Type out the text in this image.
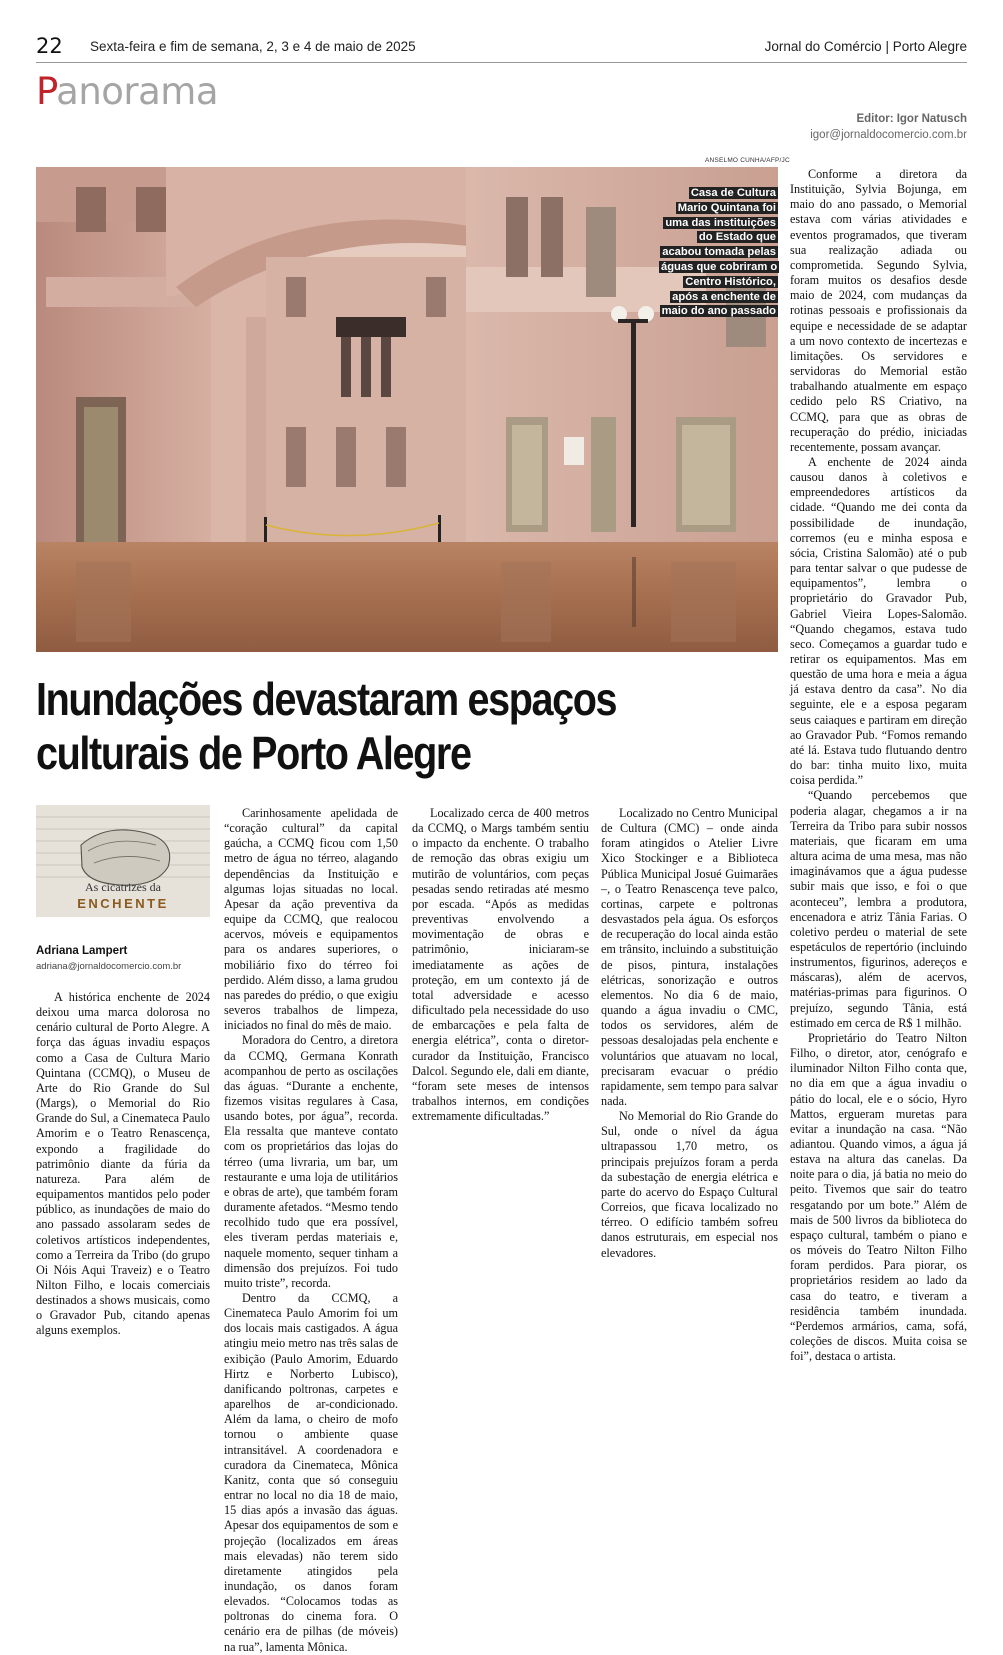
22 Sexta-feira e fim de semana, 2, 3 e 4 de maio de 2025	Jornal do Comércio | Porto Alegre
Panorama
Editor: Igor Natusch
igor@jornaldocomercio.com.br
ANSELMO CUNHA/AFP/JC
Casa de Cultura Mario Quintana foi uma das instituições do Estado que acabou tomada pelas águas que cobriram o Centro Histórico, após a enchente de maio do ano passado
Inundações devastaram espaços culturais de Porto Alegre
As cicatrizes da
ENCHENTE
Adriana Lampert
adriana@jornaldocomercio.com.br

A histórica enchente de 2024 deixou uma marca dolorosa no cenário cultural de Porto Alegre. A força das águas invadiu espaços como a Casa de Cultura Mario Quintana (CCMQ), o Museu de Arte do Rio Grande do Sul (Margs), o Memorial do Rio Grande do Sul, a Cinemateca Paulo Amorim e o Teatro Renascença, expondo a fragilidade do patrimônio diante da fúria da natureza. Para além de equipamentos mantidos pelo poder público, as inundações de maio do ano passado assolaram sedes de coletivos artísticos independentes, como a Terreira da Tribo (do grupo Oi Nóis Aqui Traveiz) e o Teatro Nilton Filho, e locais comerciais destinados a shows musicais, como o Gravador Pub, citando apenas alguns exemplos.

Carinhosamente apelidada de “coração cultural” da capital gaúcha, a CCMQ ficou com 1,50 metro de água no térreo, alagando dependências da Instituição e algumas lojas situadas no local. Apesar da ação preventiva da equipe da CCMQ, que realocou acervos, móveis e equipamentos para os andares superiores, o mobiliário fixo do térreo foi perdido. Além disso, a lama grudou nas paredes do prédio, o que exigiu severos trabalhos de limpeza, iniciados no final do mês de maio.

Moradora do Centro, a diretora da CCMQ, Germana Konrath acompanhou de perto as oscilações das águas. “Durante a enchente, fizemos visitas regulares à Casa, usando botes, por água”, recorda. Ela ressalta que manteve contato com os proprietários das lojas do térreo (uma livraria, um bar, um restaurante e uma loja de utilitários e obras de arte), que também foram duramente afetados. “Mesmo tendo recolhido tudo que era possível, eles tiveram perdas materiais e, naquele momento, sequer tinham a dimensão dos prejuízos. Foi tudo muito triste”, recorda.

Dentro da CCMQ, a Cinemateca Paulo Amorim foi um dos locais mais castigados. A água atingiu meio metro nas três salas de exibição (Paulo Amorim, Eduardo Hirtz e Norberto Lubisco), danificando poltronas, carpetes e aparelhos de ar-condicionado. Além da lama, o cheiro de mofo tornou o ambiente quase intransitável. A coordenadora e curadora da Cinemateca, Mônica Kanitz, conta que só conseguiu entrar no local no dia 18 de maio, 15 dias após a invasão das águas. Apesar dos equipamentos de som e projeção (localizados em áreas mais elevadas) não terem sido diretamente atingidos pela inundação, os danos foram elevados. “Colocamos todas as poltronas do cinema fora. O cenário era de pilhas (de móveis) na rua”, lamenta Mônica.

Localizado cerca de 400 metros da CCMQ, o Margs também sentiu o impacto da enchente. O trabalho de remoção das obras exigiu um mutirão de voluntários, com peças pesadas sendo retiradas até mesmo por escada. “Após as medidas preventivas envolvendo a movimentação de obras e patrimônio, iniciaram-se imediatamente as ações de proteção, em um contexto já de total adversidade e acesso dificultado pela necessidade do uso de embarcações e pela falta de energia elétrica”, conta o diretor-curador da Instituição, Francisco Dalcol. Segundo ele, dali em diante, “foram sete meses de intensos trabalhos internos, em condições extremamente dificultadas.”

Localizado no Centro Municipal de Cultura (CMC) – onde ainda foram atingidos o Atelier Livre Xico Stockinger e a Biblioteca Pública Municipal Josué Guimarães –, o Teatro Renascença teve palco, cortinas, carpete e poltronas desvastados pela água. Os esforços de recuperação do local ainda estão em trânsito, incluindo a substituição de pisos, pintura, instalações elétricas, sonorização e outros elementos. No dia 6 de maio, quando a água invadiu o CMC, todos os servidores, além de pessoas desalojadas pela enchente e voluntários que atuavam no local, precisaram evacuar o prédio rapidamente, sem tempo para salvar nada.

No Memorial do Rio Grande do Sul, onde o nível da água ultrapassou 1,70 metro, os principais prejuízos foram a perda da subestação de energia elétrica e parte do acervo do Espaço Cultural Correios, que ficava localizado no térreo. O edifício também sofreu danos estruturais, em especial nos elevadores.

Conforme a diretora da Instituição, Sylvia Bojunga, em maio do ano passado, o Memorial estava com várias atividades e eventos programados, que tiveram sua realização adiada ou comprometida. Segundo Sylvia, foram muitos os desafios desde maio de 2024, com mudanças da rotinas pessoais e profissionais da equipe e necessidade de se adaptar a um novo contexto de incertezas e limitações. Os servidores e servidoras do Memorial estão trabalhando atualmente em espaço cedido pelo RS Criativo, na CCMQ, para que as obras de recuperação do prédio, iniciadas recentemente, possam avançar.

A enchente de 2024 ainda causou danos à coletivos e empreendedores artísticos da cidade. “Quando me dei conta da possibilidade de inundação, corremos (eu e minha esposa e sócia, Cristina Salomão) até o pub para tentar salvar o que pudesse de equipamentos”, lembra o proprietário do Gravador Pub, Gabriel Vieira Lopes-Salomão. “Quando chegamos, estava tudo seco. Começamos a guardar tudo e retirar os equipamentos. Mas em questão de uma hora e meia a água já estava dentro da casa”. No dia seguinte, ele e a esposa pegaram seus caiaques e partiram em direção ao Gravador Pub. “Fomos remando até lá. Estava tudo flutuando dentro do bar: tinha muito lixo, muita coisa perdida.”

“Quando percebemos que poderia alagar, chegamos a ir na Terreira da Tribo para subir nossos materiais, que ficaram em uma altura acima de uma mesa, mas não imaginávamos que a água pudesse subir mais que isso, e foi o que aconteceu”, lembra a produtora, encenadora e atriz Tânia Farias. O coletivo perdeu o material de sete espetáculos de repertório (incluindo instrumentos, figurinos, adereços e máscaras), além de acervos, matérias-primas para figurinos. O prejuízo, segundo Tânia, está estimado em cerca de R$ 1 milhão.

Proprietário do Teatro Nilton Filho, o diretor, ator, cenógrafo e iluminador Nilton Filho conta que, no dia em que a água invadiu o pátio do local, ele e o sócio, Hyro Mattos, ergueram muretas para evitar a inundação na casa. “Não adiantou. Quando vimos, a água já estava na altura das canelas. Da noite para o dia, já batia no meio do peito. Tivemos que sair do teatro resgatando por um bote.” Além de mais de 500 livros da biblioteca do espaço cultural, também o piano e os móveis do Teatro Nilton Filho foram perdidos. Para piorar, os proprietários residem ao lado da casa do teatro, e tiveram a residência também inundada. “Perdemos armários, cama, sofá, coleções de discos. Muita coisa se foi”, destaca o artista.
